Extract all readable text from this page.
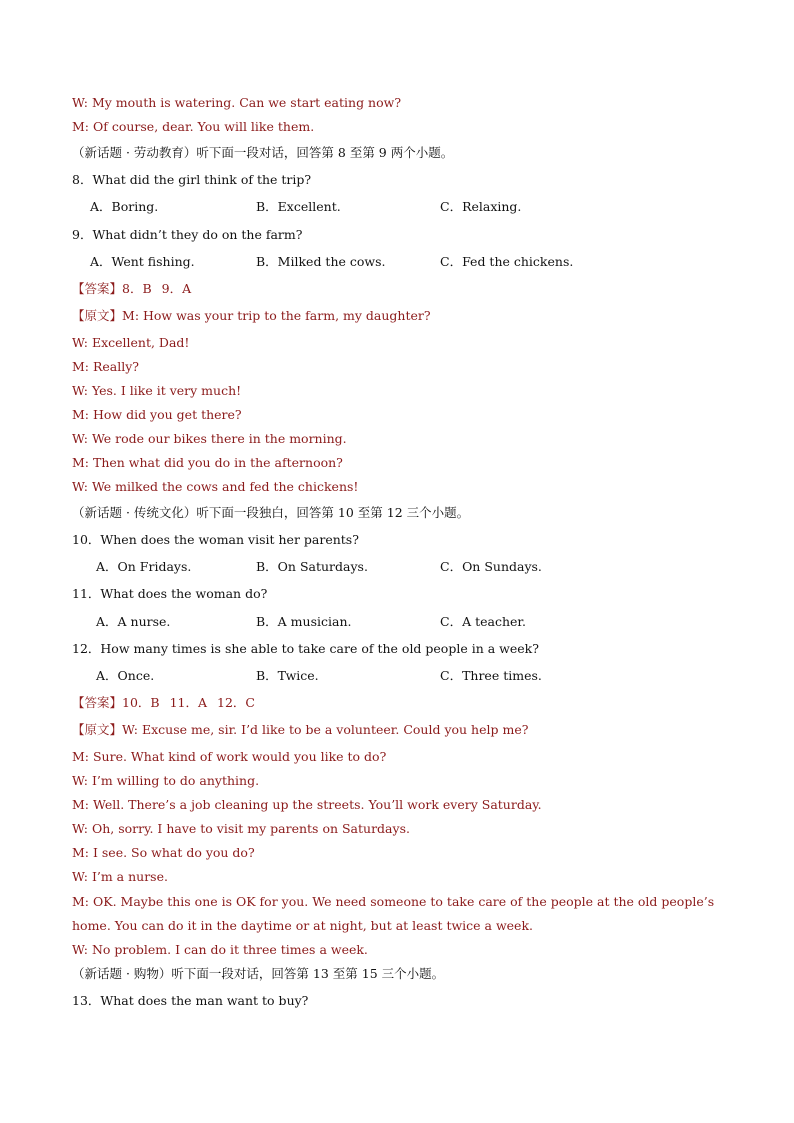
W: My mouth is watering. Can we start eating now?
M: Of course, dear. You will like them.
（新话题 · 劳动教育）听下面一段对话，回答第 8 至第 9 两个小题。
8．What did the girl think of the trip?
A．Boring.	B．Excellent.	C．Relaxing.
9．What didn’t they do on the farm?
A．Went fishing.	B．Milked the cows.	C．Fed the chickens.
【答案】8．B 9．A
【原文】M: How was your trip to the farm, my daughter?
W: Excellent, Dad!
M: Really?
W: Yes. I like it very much!
M: How did you get there?
W: We rode our bikes there in the morning.
M: Then what did you do in the afternoon?
W: We milked the cows and fed the chickens!
（新话题 · 传统文化）听下面一段独白，回答第 10 至第 12 三个小题。
10．When does the woman visit her parents?
A．On Fridays.	B．On Saturdays.	C．On Sundays.
11．What does the woman do?
A．A nurse.	B．A musician.	C．A teacher.
12．How many times is she able to take care of the old people in a week?
A．Once.	B．Twice.	C．Three times.
【答案】10．B 11．A 12．C
【原文】W: Excuse me, sir. I’d like to be a volunteer. Could you help me?
M: Sure. What kind of work would you like to do?
W: I’m willing to do anything.
M: Well. There’s a job cleaning up the streets. You’ll work every Saturday.
W: Oh, sorry. I have to visit my parents on Saturdays.
M: I see. So what do you do?
W: I’m a nurse.
M: OK. Maybe this one is OK for you. We need someone to take care of the people at the old people’s home. You can do it in the daytime or at night, but at least twice a week.
W: No problem. I can do it three times a week.
（新话题 · 购物）听下面一段对话，回答第 13 至第 15 三个小题。
13．What does the man want to buy?
